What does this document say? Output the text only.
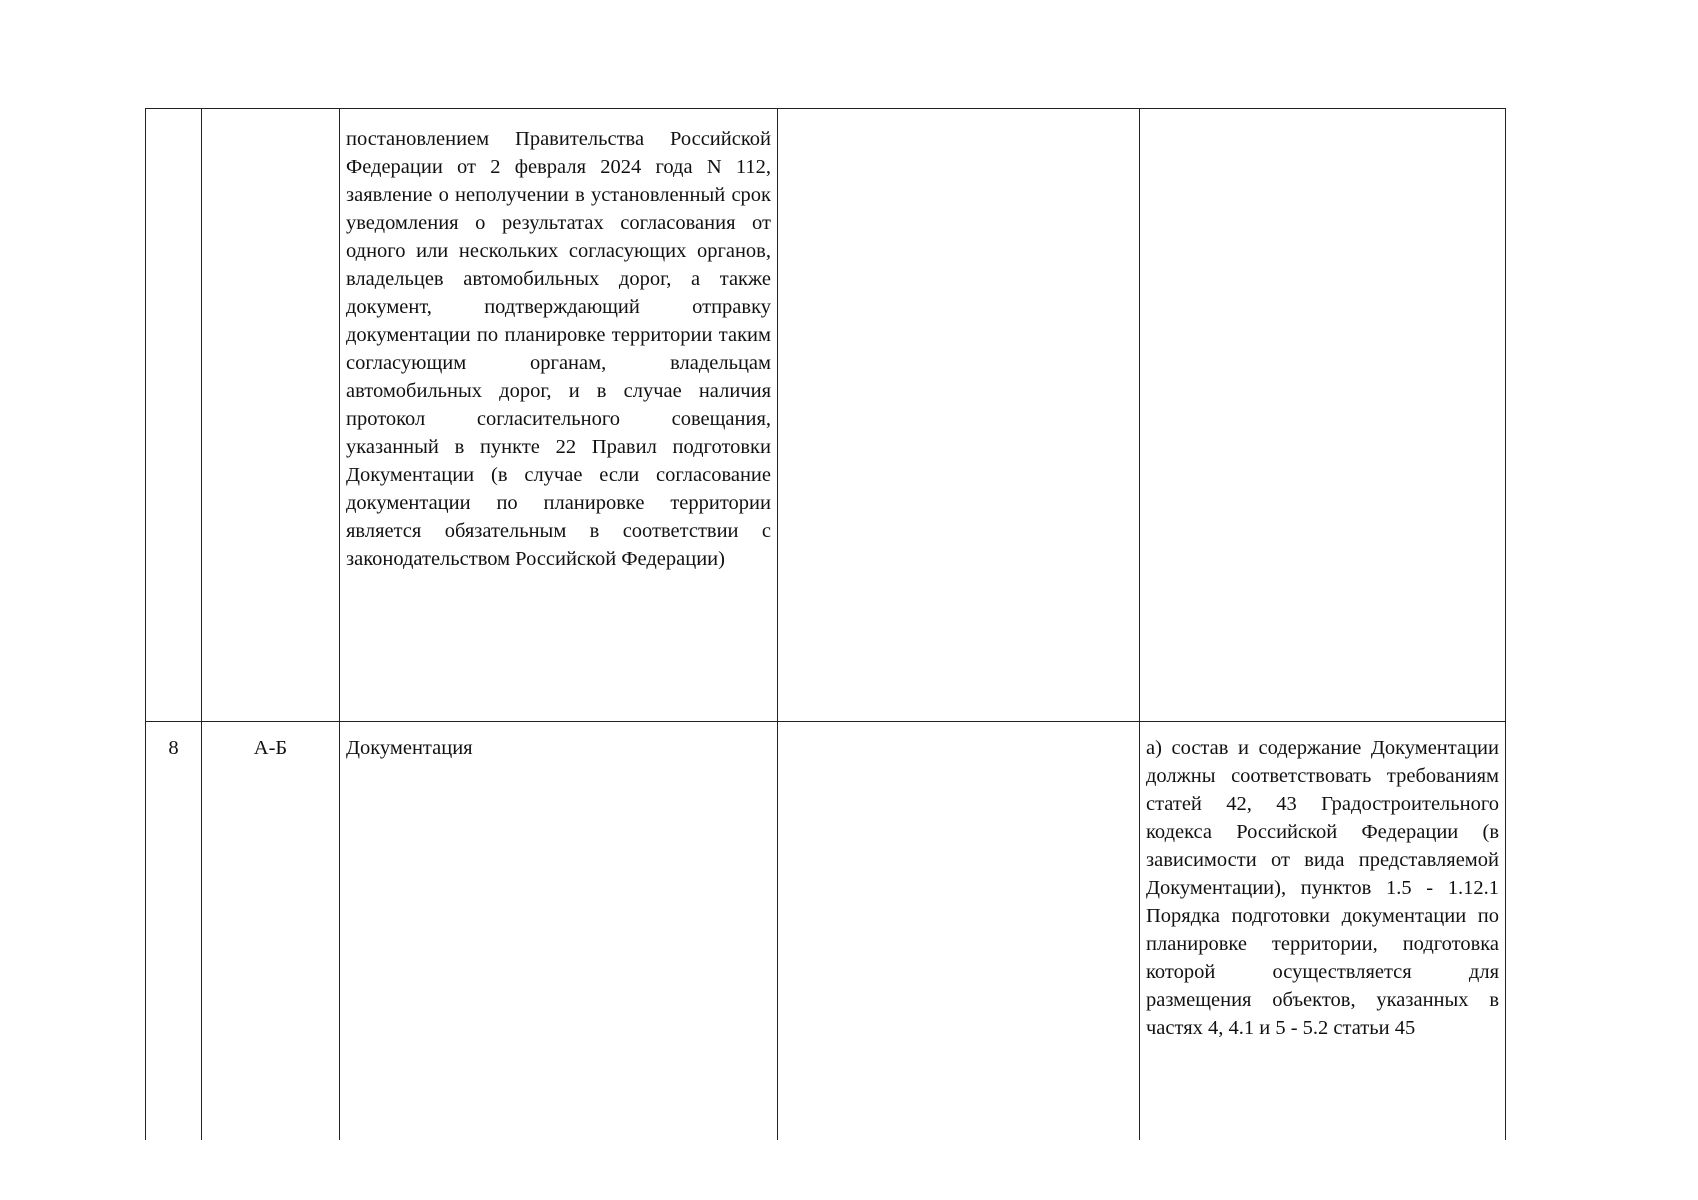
		постановлением Правительства Российской Федерации от 2 февраля 2024 года N 112, заявление о неполучении в установленный срок уведомления о результатах согласования от одного или нескольких согласующих органов, владельцев автомобильных дорог, а также документ, подтверждающий отправку документации по планировке территории таким согласующим органам, владельцам автомобильных дорог, и в случае наличия протокол согласительного совещания, указанный в пункте 22 Правил подготовки Документации (в случае если согласование документации по планировке территории является обязательным в соответствии с законодательством Российской Федерации)		

8	А-Б	Документация		а) состав и содержание Документации должны соответствовать требованиям статей 42, 43 Градостроительного кодекса Российской Федерации (в зависимости от вида представляемой Документации), пунктов 1.5 - 1.12.1 Порядка подготовки документации по планировке территории, подготовка которой осуществляется для размещения объектов, указанных в частях 4, 4.1 и 5 - 5.2 статьи 45
